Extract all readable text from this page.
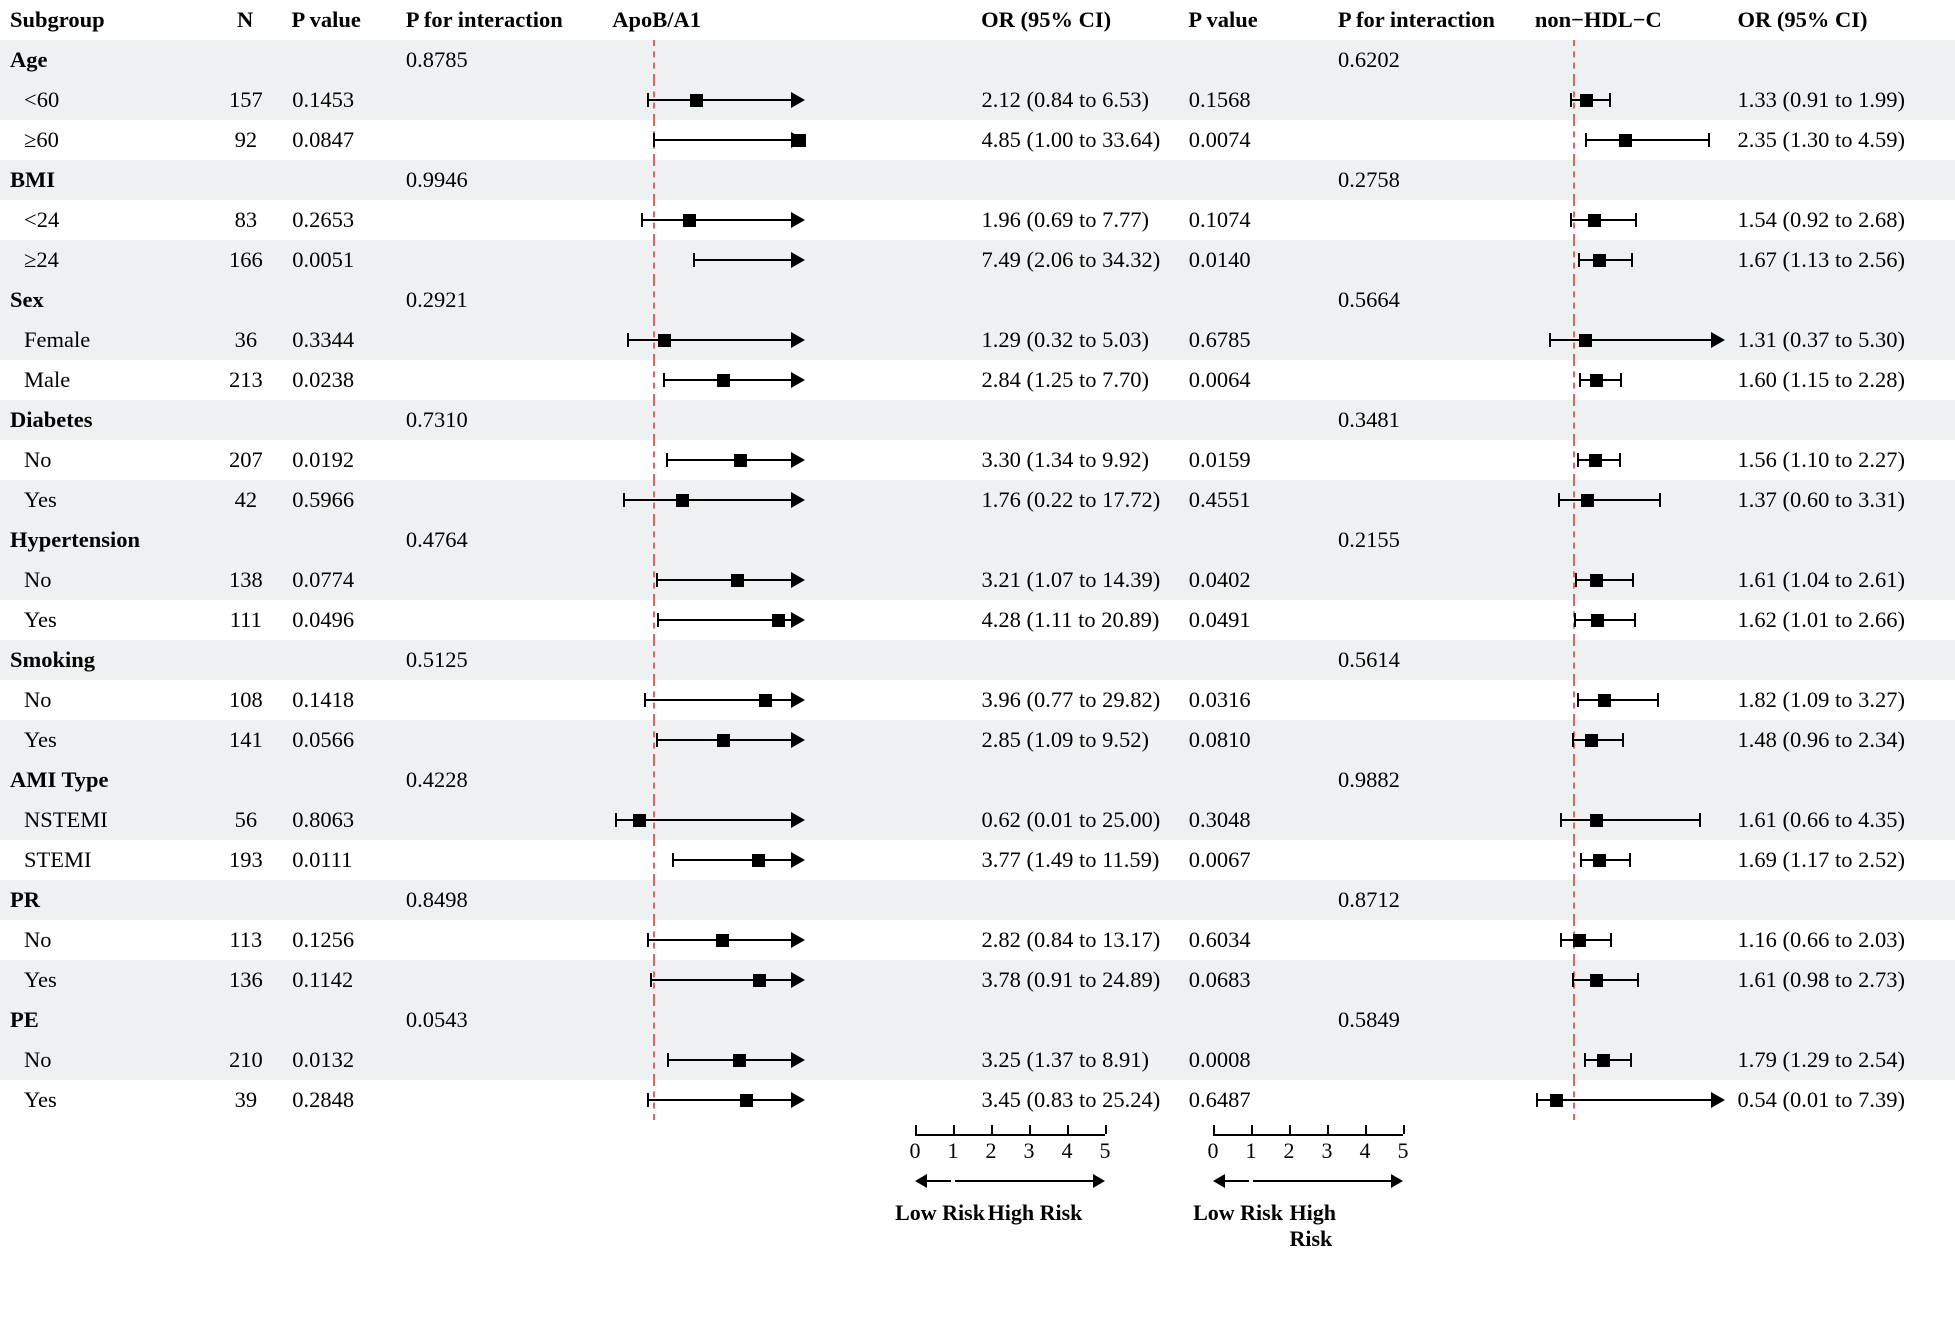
Subgroup	N	P value	P for interaction	ApoB/A1	OR (95% CI)	P value	P for interaction	non−HDL−C	OR (95% CI)
Age	0.8785	0.6202
<60	157	0.1453	2.12 (0.84 to 6.53)	0.1568	1.33 (0.91 to 1.99)
≥60	92	0.0847	4.85 (1.00 to 33.64)	0.0074	2.35 (1.30 to 4.59)
BMI	0.9946	0.2758
<24	83	0.2653	1.96 (0.69 to 7.77)	0.1074	1.54 (0.92 to 2.68)
≥24	166	0.0051	7.49 (2.06 to 34.32)	0.0140	1.67 (1.13 to 2.56)
Sex	0.2921	0.5664
Female	36	0.3344	1.29 (0.32 to 5.03)	0.6785	1.31 (0.37 to 5.30)
Male	213	0.0238	2.84 (1.25 to 7.70)	0.0064	1.60 (1.15 to 2.28)
Diabetes	0.7310	0.3481
No	207	0.0192	3.30 (1.34 to 9.92)	0.0159	1.56 (1.10 to 2.27)
Yes	42	0.5966	1.76 (0.22 to 17.72)	0.4551	1.37 (0.60 to 3.31)
Hypertension	0.4764	0.2155
No	138	0.0774	3.21 (1.07 to 14.39)	0.0402	1.61 (1.04 to 2.61)
Yes	111	0.0496	4.28 (1.11 to 20.89)	0.0491	1.62 (1.01 to 2.66)
Smoking	0.5125	0.5614
No	108	0.1418	3.96 (0.77 to 29.82)	0.0316	1.82 (1.09 to 3.27)
Yes	141	0.0566	2.85 (1.09 to 9.52)	0.0810	1.48 (0.96 to 2.34)
AMI Type	0.4228	0.9882
NSTEMI	56	0.8063	0.62 (0.01 to 25.00)	0.3048	1.61 (0.66 to 4.35)
STEMI	193	0.0111	3.77 (1.49 to 11.59)	0.0067	1.69 (1.17 to 2.52)
PR	0.8498	0.8712
No	113	0.1256	2.82 (0.84 to 13.17)	0.6034	1.16 (0.66 to 2.03)
Yes	136	0.1142	3.78 (0.91 to 24.89)	0.0683	1.61 (0.98 to 2.73)
PE	0.0543	0.5849
No	210	0.0132	3.25 (1.37 to 8.91)	0.0008	1.79 (1.29 to 2.54)
Yes	39	0.2848	3.45 (0.83 to 25.24)	0.6487	0.54 (0.01 to 7.39)
0 1 2 3 4 5
Low Risk High Risk
0 1 2 3 4 5
Low Risk High Risk
